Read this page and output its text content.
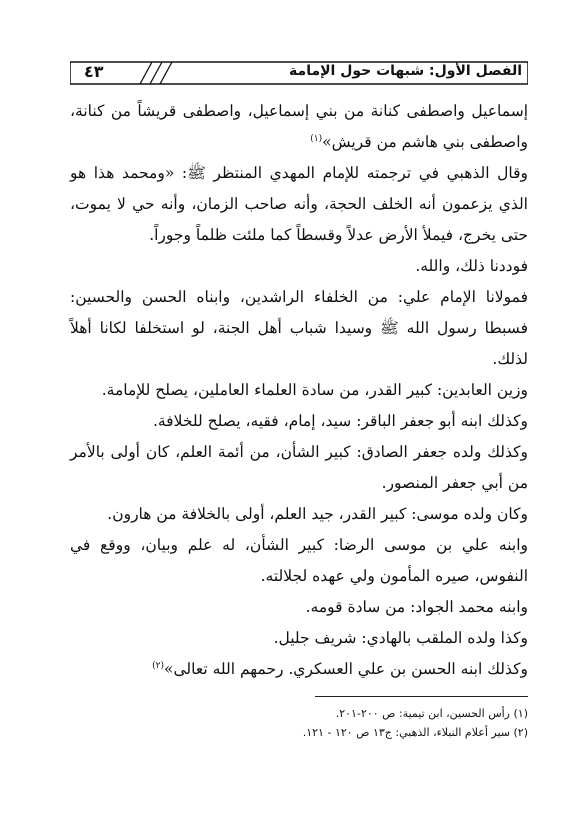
٤٣	الفصل الأول: شبهات حول الإمامة

إسماعيل واصطفى كنانة من بني إسماعيل، واصطفى قريشاً من كنانة، واصطفى بني هاشم من قريش»$^{(١)}$

وقال الذهبي في ترجمته للإمام المهدي المنتظر ﷺ: «ومحمد هذا هو الذي يزعمون أنه الخلف الحجة، وأنه صاحب الزمان، وأنه حي لا يموت، حتى يخرج، فيملأ الأرض عدلاً وقسطاً كما ملئت ظلماً وجوراً.

فوددنا ذلك، والله.

فمولانا الإمام علي: من الخلفاء الراشدين، وابناه الحسن والحسين: فسبطا رسول الله ﷺ وسيدا شباب أهل الجنة، لو استخلفا لكانا أهلاً لذلك.

وزين العابدين: كبير القدر، من سادة العلماء العاملين، يصلح للإمامة.

وكذلك ابنه أبو جعفر الباقر: سيد، إمام، فقيه، يصلح للخلافة.

وكذلك ولده جعفر الصادق: كبير الشأن، من أئمة العلم، كان أولى بالأمر من أبي جعفر المنصور.

وكان ولده موسى: كبير القدر، جيد العلم، أولى بالخلافة من هارون.

وابنه علي بن موسى الرضا: كبير الشأن، له علم وبيان، ووقع في النفوس، صيره المأمون ولي عهده لجلالته.

وابنه محمد الجواد: من سادة قومه.

وكذا ولده الملقب بالهادي: شريف جليل.

وكذلك ابنه الحسن بن علي العسكري. رحمهم الله تعالى»$^{(٢)}$

(١) رأس الحسين، ابن تيمية: ص ٢٠٠-٢٠١.

(٢) سير أعلام النبلاء، الذهبي: ج١٣ ص ١٢٠ - ١٢١.
